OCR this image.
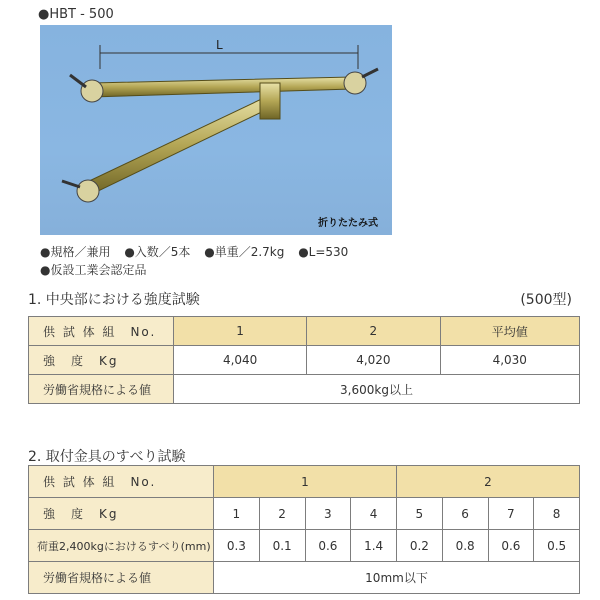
●HBT - 500
L
折りたたみ式
●規格／兼用 ●入数／5本 ●単重／2.7kg ●L=530
●仮設工業会認定品
1. 中央部における強度試験	(500型)
供 試 体 組　No.	1	2	平均値
強　度　Kg	4,040	4,020	4,030
労働省規格による値	3,600kg以上		
2. 取付金具のすべり試験
供 試 体 組　No.	1				2			
強　度　Kg	1	2	3	4	5	6	7	8
荷重2,400kgにおけるすべり(mm)	0.3	0.1	0.6	1.4	0.2	0.8	0.6	0.5
労働省規格による値	10mm以下							
